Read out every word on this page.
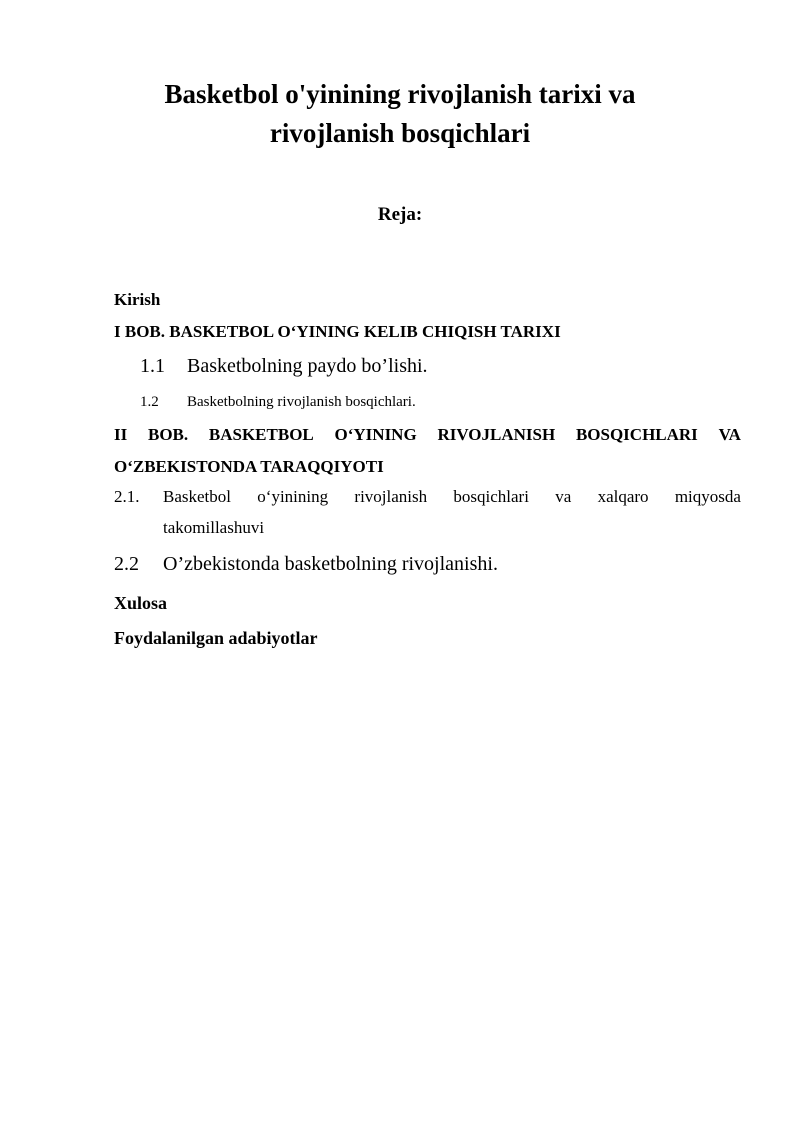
Basketbol o'yinining rivojlanish tarixi va
rivojlanish bosqichlari
Reja:
Kirish
I BOB. BASKETBOL O‘YINING KELIB CHIQISH TARIXI
1.1 Basketbolning paydo bo’lishi.
1.2 Basketbolning rivojlanish bosqichlari.
II BOB. BASKETBOL O‘YINING RIVOJLANISH BOSQICHLARI VA
O‘ZBEKISTONDA TARAQQIYOTI
2.1. Basketbol o‘yinining rivojlanish bosqichlari va xalqaro miqyosda
takomillashuvi
2.2 O’zbekistonda basketbolning rivojlanishi.
Xulosa
Foydalanilgan adabiyotlar
